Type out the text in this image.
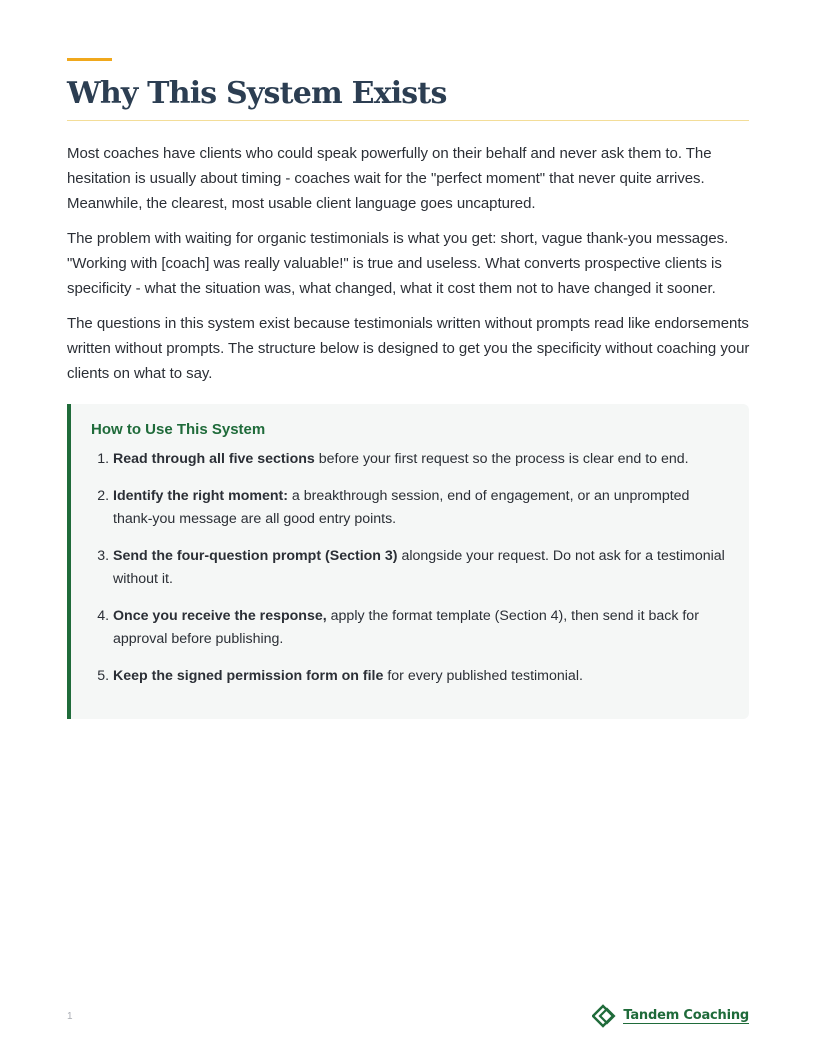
Why This System Exists

Most coaches have clients who could speak powerfully on their behalf and never ask them to. The hesitation is usually about timing - coaches wait for the "perfect moment" that never quite arrives. Meanwhile, the clearest, most usable client language goes uncaptured.

The problem with waiting for organic testimonials is what you get: short, vague thank-you messages. "Working with [coach] was really valuable!" is true and useless. What converts prospective clients is specificity - what the situation was, what changed, what it cost them not to have changed it sooner.

The questions in this system exist because testimonials written without prompts read like endorsements written without prompts. The structure below is designed to get you the specificity without coaching your clients on what to say.

How to Use This System
1. Read through all five sections before your first request so the process is clear end to end.
2. Identify the right moment: a breakthrough session, end of engagement, or an unprompted thank-you message are all good entry points.
3. Send the four-question prompt (Section 3) alongside your request. Do not ask for a testimonial without it.
4. Once you receive the response, apply the format template (Section 4), then send it back for approval before publishing.
5. Keep the signed permission form on file for every published testimonial.
1	Tandem Coaching
